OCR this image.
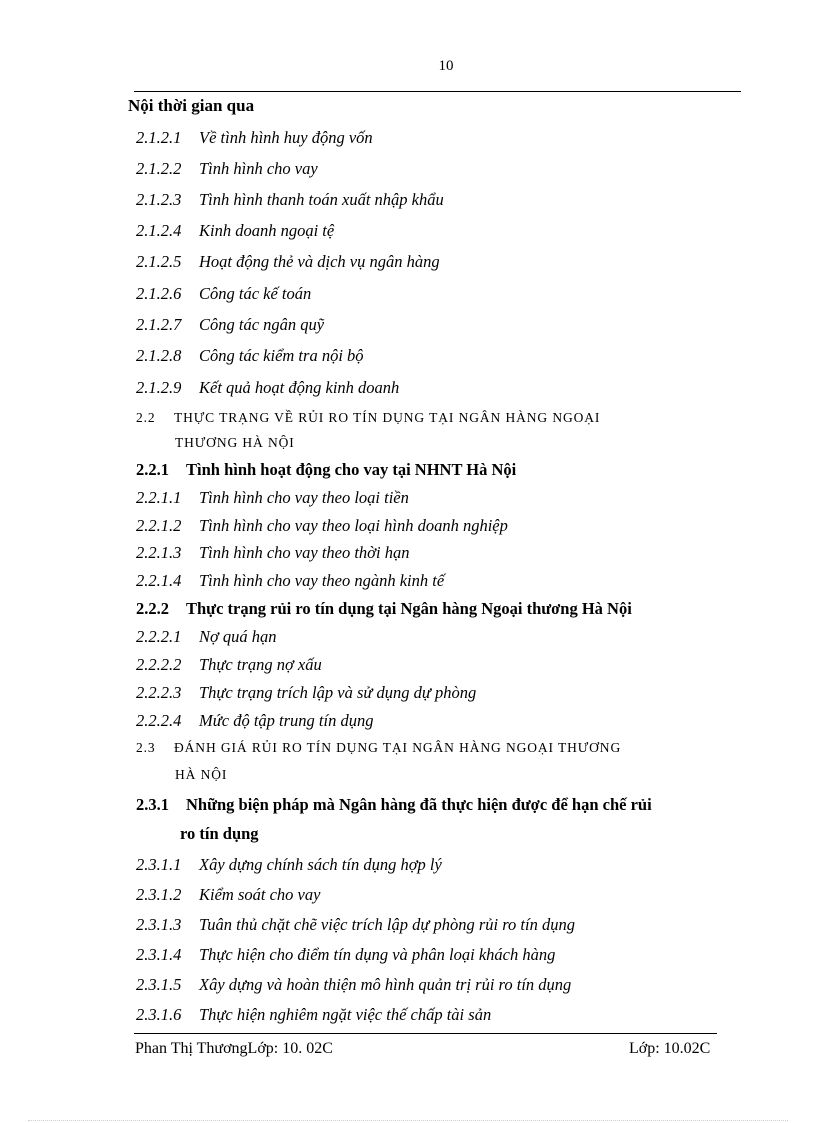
10
Nội thời gian qua
2.1.2.1 Về tình hình huy động vốn
2.1.2.2 Tình hình cho vay
2.1.2.3 Tình hình thanh toán xuất nhập khẩu
2.1.2.4 Kinh doanh ngoại tệ
2.1.2.5 Hoạt động thẻ và dịch vụ ngân hàng
2.1.2.6 Công tác kế toán
2.1.2.7 Công tác ngân quỹ
2.1.2.8 Công tác kiểm tra nội bộ
2.1.2.9 Kết quả hoạt động kinh doanh
2.2 THỰC TRẠNG VỀ RỦI RO TÍN DỤNG TẠI NGÂN HÀNG NGOẠI
THƯƠNG HÀ NỘI
2.2.1 Tình hình hoạt động cho vay tại NHNT Hà Nội
2.2.1.1 Tình hình cho vay theo loại tiền
2.2.1.2 Tình hình cho vay theo loại hình doanh nghiệp
2.2.1.3 Tình hình cho vay theo thời hạn
2.2.1.4 Tình hình cho vay theo ngành kinh tế
2.2.2 Thực trạng rủi ro tín dụng tại Ngân hàng Ngoại thương Hà Nội
2.2.2.1 Nợ quá hạn
2.2.2.2 Thực trạng nợ xấu
2.2.2.3 Thực trạng trích lập và sử dụng dự phòng
2.2.2.4 Mức độ tập trung tín dụng
2.3 ĐÁNH GIÁ RỦI RO TÍN DỤNG TẠI NGÂN HÀNG NGOẠI THƯƠNG
HÀ NỘI
2.3.1 Những biện pháp mà Ngân hàng đã thực hiện được để hạn chế rủi
ro tín dụng
2.3.1.1 Xây dựng chính sách tín dụng hợp lý
2.3.1.2 Kiểm soát cho vay
2.3.1.3 Tuân thủ chặt chẽ việc trích lập dự phòng rủi ro tín dụng
2.3.1.4 Thực hiện cho điểm tín dụng và phân loại khách hàng
2.3.1.5 Xây dựng và hoàn thiện mô hình quản trị rủi ro tín dụng
2.3.1.6 Thực hiện nghiêm ngặt việc thế chấp tài sản
Phan Thị ThươngLớp: 10. 02C	Lớp: 10.02C
